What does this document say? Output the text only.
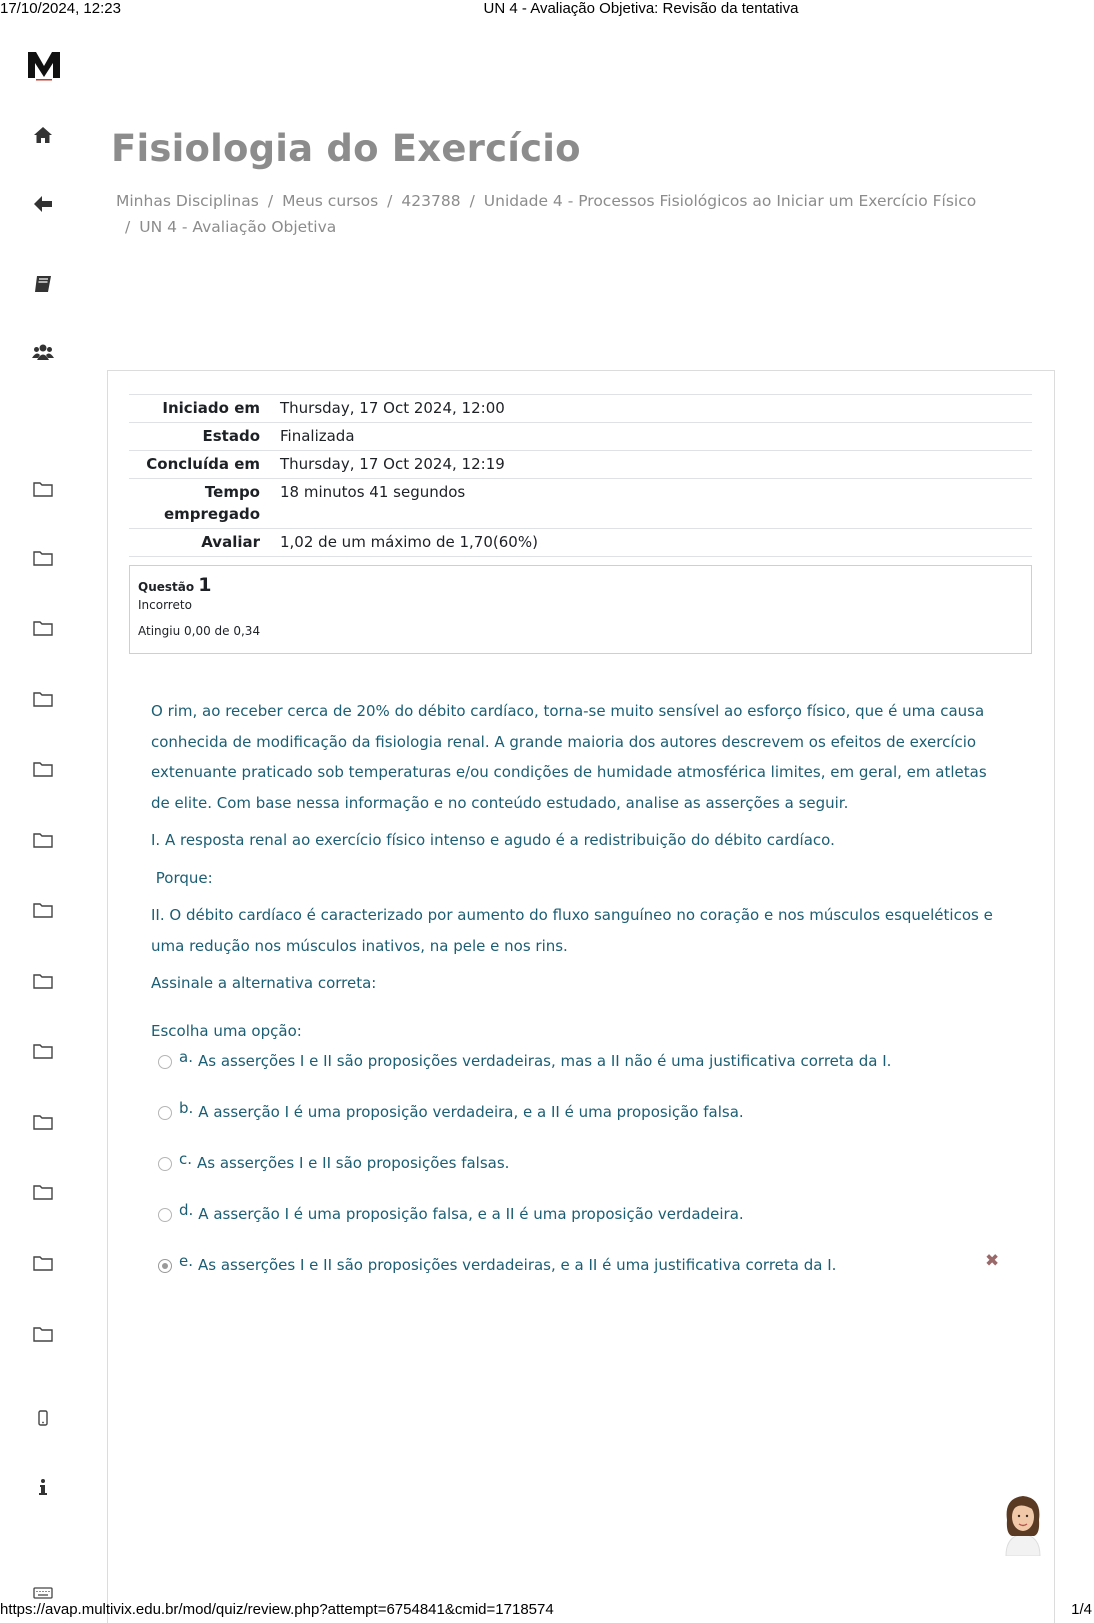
17/10/2024, 12:23	UN 4 - Avaliação Objetiva: Revisão da tentativa
Fisiologia do Exercício
Minhas Disciplinas / Meus cursos / 423788 / Unidade 4 - Processos Fisiológicos ao Iniciar um Exercício Físico
/ UN 4 - Avaliação Objetiva
Iniciado em	Thursday, 17 Oct 2024, 12:00
Estado	Finalizada
Concluída em	Thursday, 17 Oct 2024, 12:19
Tempo empregado	18 minutos 41 segundos
Avaliar	1,02 de um máximo de 1,70(60%)
Questão 1
Incorreto
Atingiu 0,00 de 0,34

O rim, ao receber cerca de 20% do débito cardíaco, torna-se muito sensível ao esforço físico, que é uma causa conhecida de modificação da fisiologia renal. A grande maioria dos autores descrevem os efeitos de exercício extenuante praticado sob temperaturas e/ou condições de humidade atmosférica limites, em geral, em atletas de elite. Com base nessa informação e no conteúdo estudado, analise as asserções a seguir.

I. A resposta renal ao exercício físico intenso e agudo é a redistribuição do débito cardíaco.

Porque:

II. O débito cardíaco é caracterizado por aumento do fluxo sanguíneo no coração e nos músculos esqueléticos e uma redução nos músculos inativos, na pele e nos rins.

Assinale a alternativa correta:

Escolha uma opção:
a. As asserções I e II são proposições verdadeiras, mas a II não é uma justificativa correta da I.
b. A asserção I é uma proposição verdadeira, e a II é uma proposição falsa.
c. As asserções I e II são proposições falsas.
d. A asserção I é uma proposição falsa, e a II é uma proposição verdadeira.
e. As asserções I e II são proposições verdadeiras, e a II é uma justificativa correta da I.	✖
https://avap.multivix.edu.br/mod/quiz/review.php?attempt=6754841&cmid=1718574	1/4
